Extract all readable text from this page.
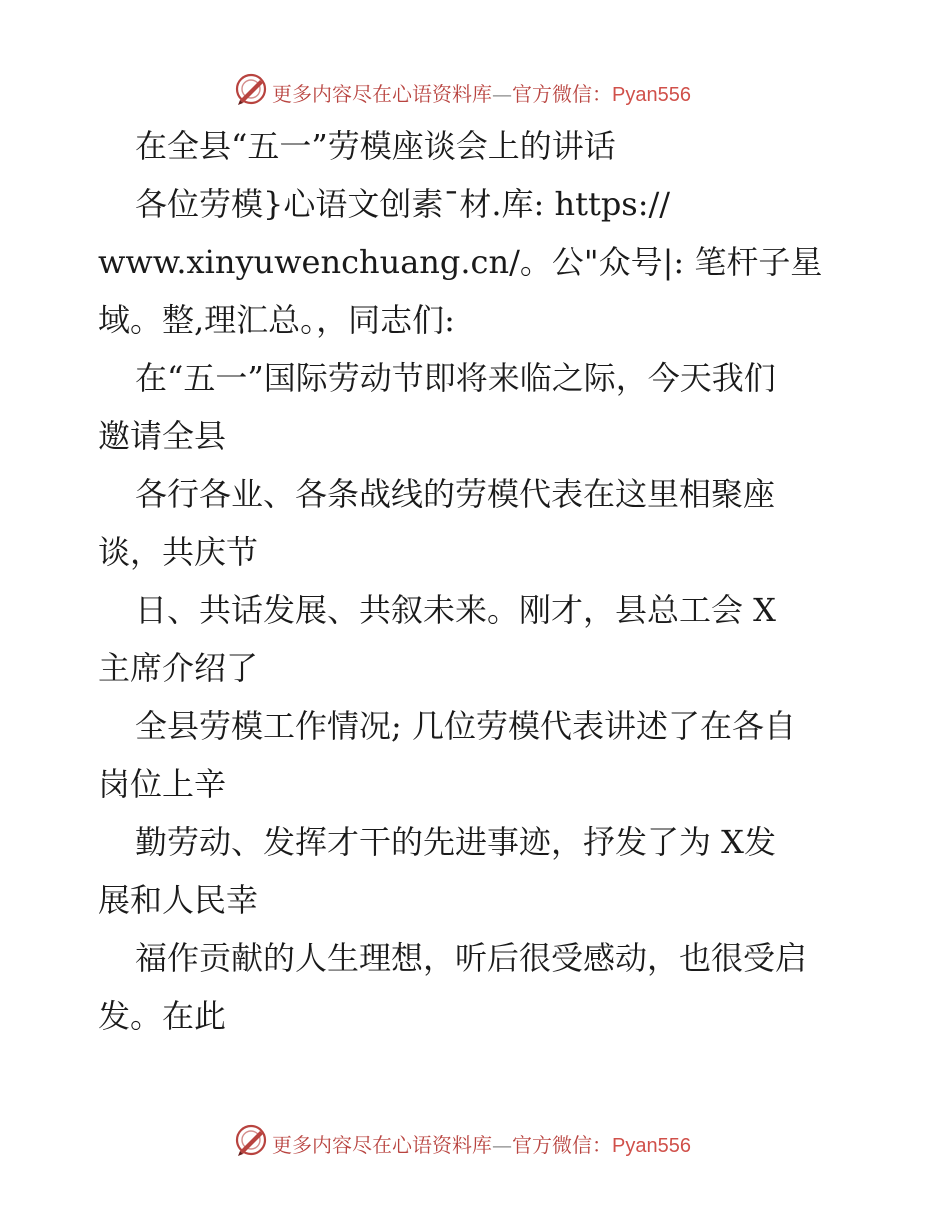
更多内容尽在心语资料库—官方微信：Pyan556
在全县“五一”劳模座谈会上的讲话
各位劳模}心语文创素¯材.库: https://
www.xinyuwenchuang.cn/。公"众号|: 笔杆子星
域。整,理汇总。，同志们:
在“五一”国际劳动节即将来临之际，今天我们
邀请全县
各行各业、各条战线的劳模代表在这里相聚座
谈，共庆节
日、共话发展、共叙未来。刚才，县总工会 X
主席介绍了
全县劳模工作情况; 几位劳模代表讲述了在各自
岗位上辛
勤劳动、发挥才干的先进事迹，抒发了为 X发
展和人民幸
福作贡献的人生理想，听后很受感动，也很受启
发。在此
更多内容尽在心语资料库—官方微信：Pyan556
